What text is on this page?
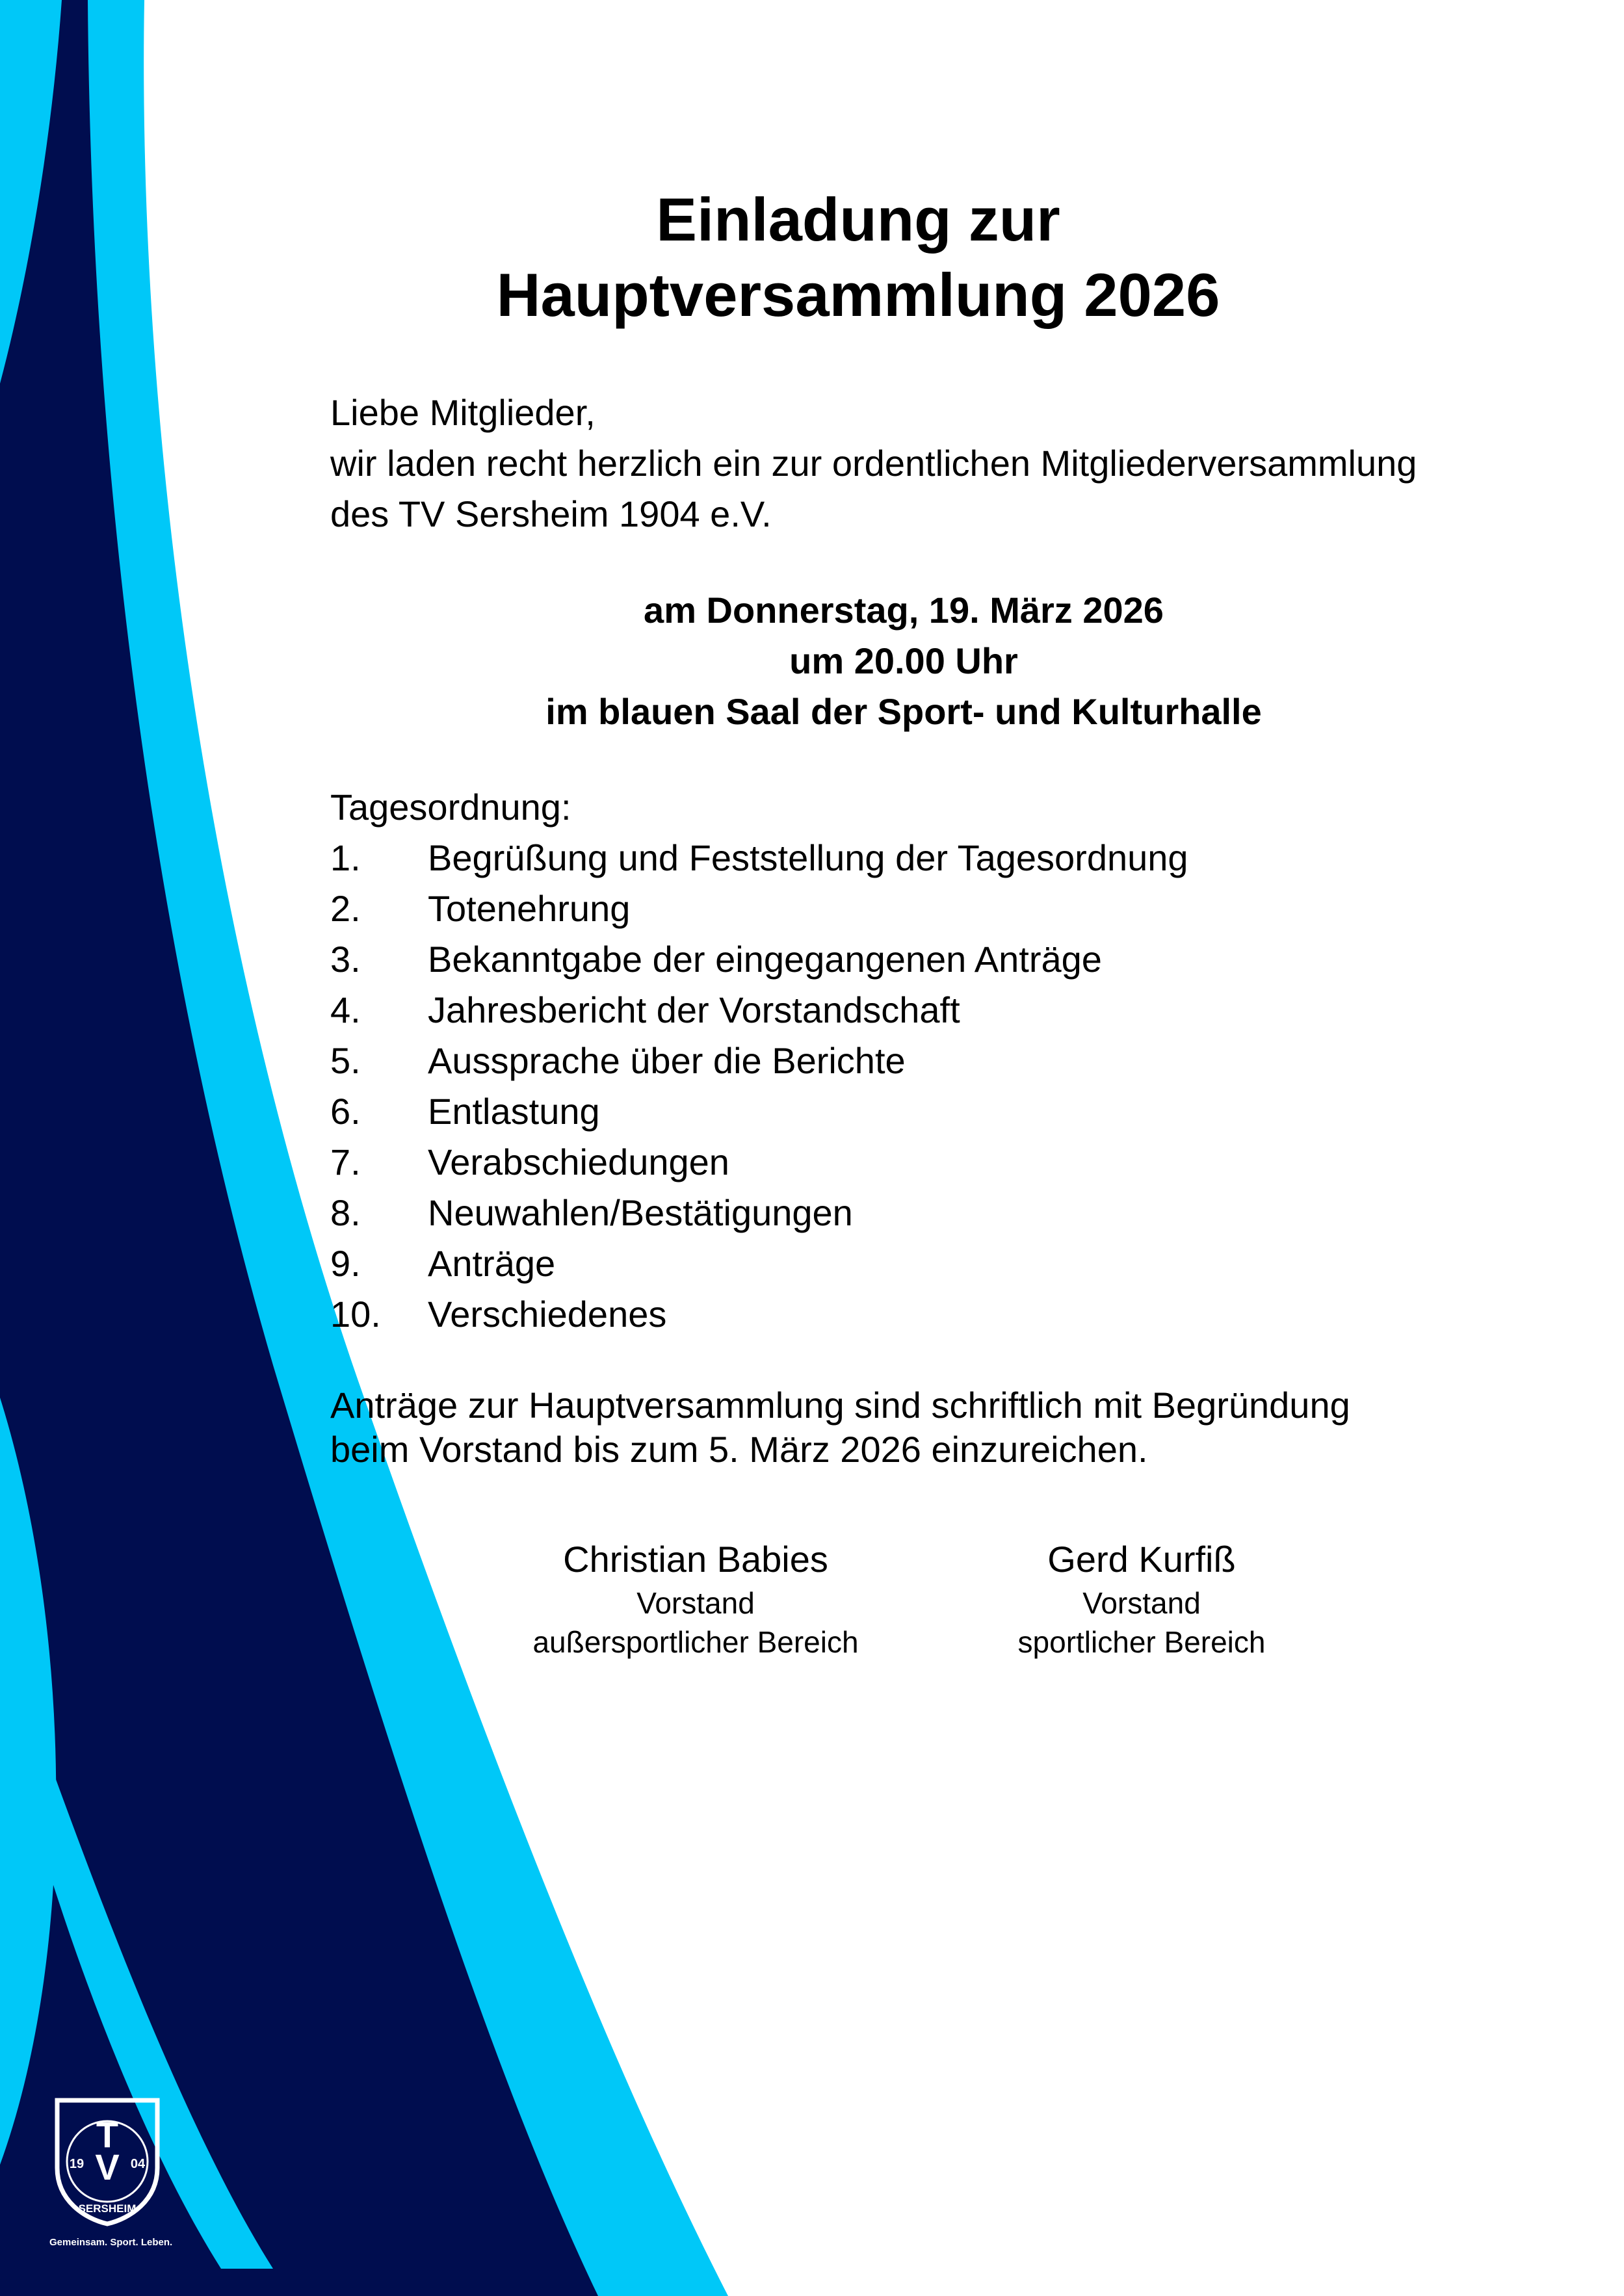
Einladung zur
Hauptversammlung 2026
Liebe Mitglieder,
wir laden recht herzlich ein zur ordentlichen Mitgliederversammlung
des TV Sersheim 1904 e.V.
am Donnerstag, 19. März 2026
um 20.00 Uhr
im blauen Saal der Sport- und Kulturhalle
Tagesordnung:
1. Begrüßung und Feststellung der Tagesordnung
2. Totenehrung
3. Bekanntgabe der eingegangenen Anträge
4. Jahresbericht der Vorstandschaft
5. Aussprache über die Berichte
6. Entlastung
7. Verabschiedungen
8. Neuwahlen/Bestätigungen
9. Anträge
10. Verschiedenes
Anträge zur Hauptversammlung sind schriftlich mit Begründung
beim Vorstand bis zum 5. März 2026 einzureichen.
Christian Babies
Vorstand
außersportlicher Bereich
Gerd Kurfiß
Vorstand
sportlicher Bereich
T
V
19	04
SERSHEIM
Gemeinsam. Sport. Leben.
